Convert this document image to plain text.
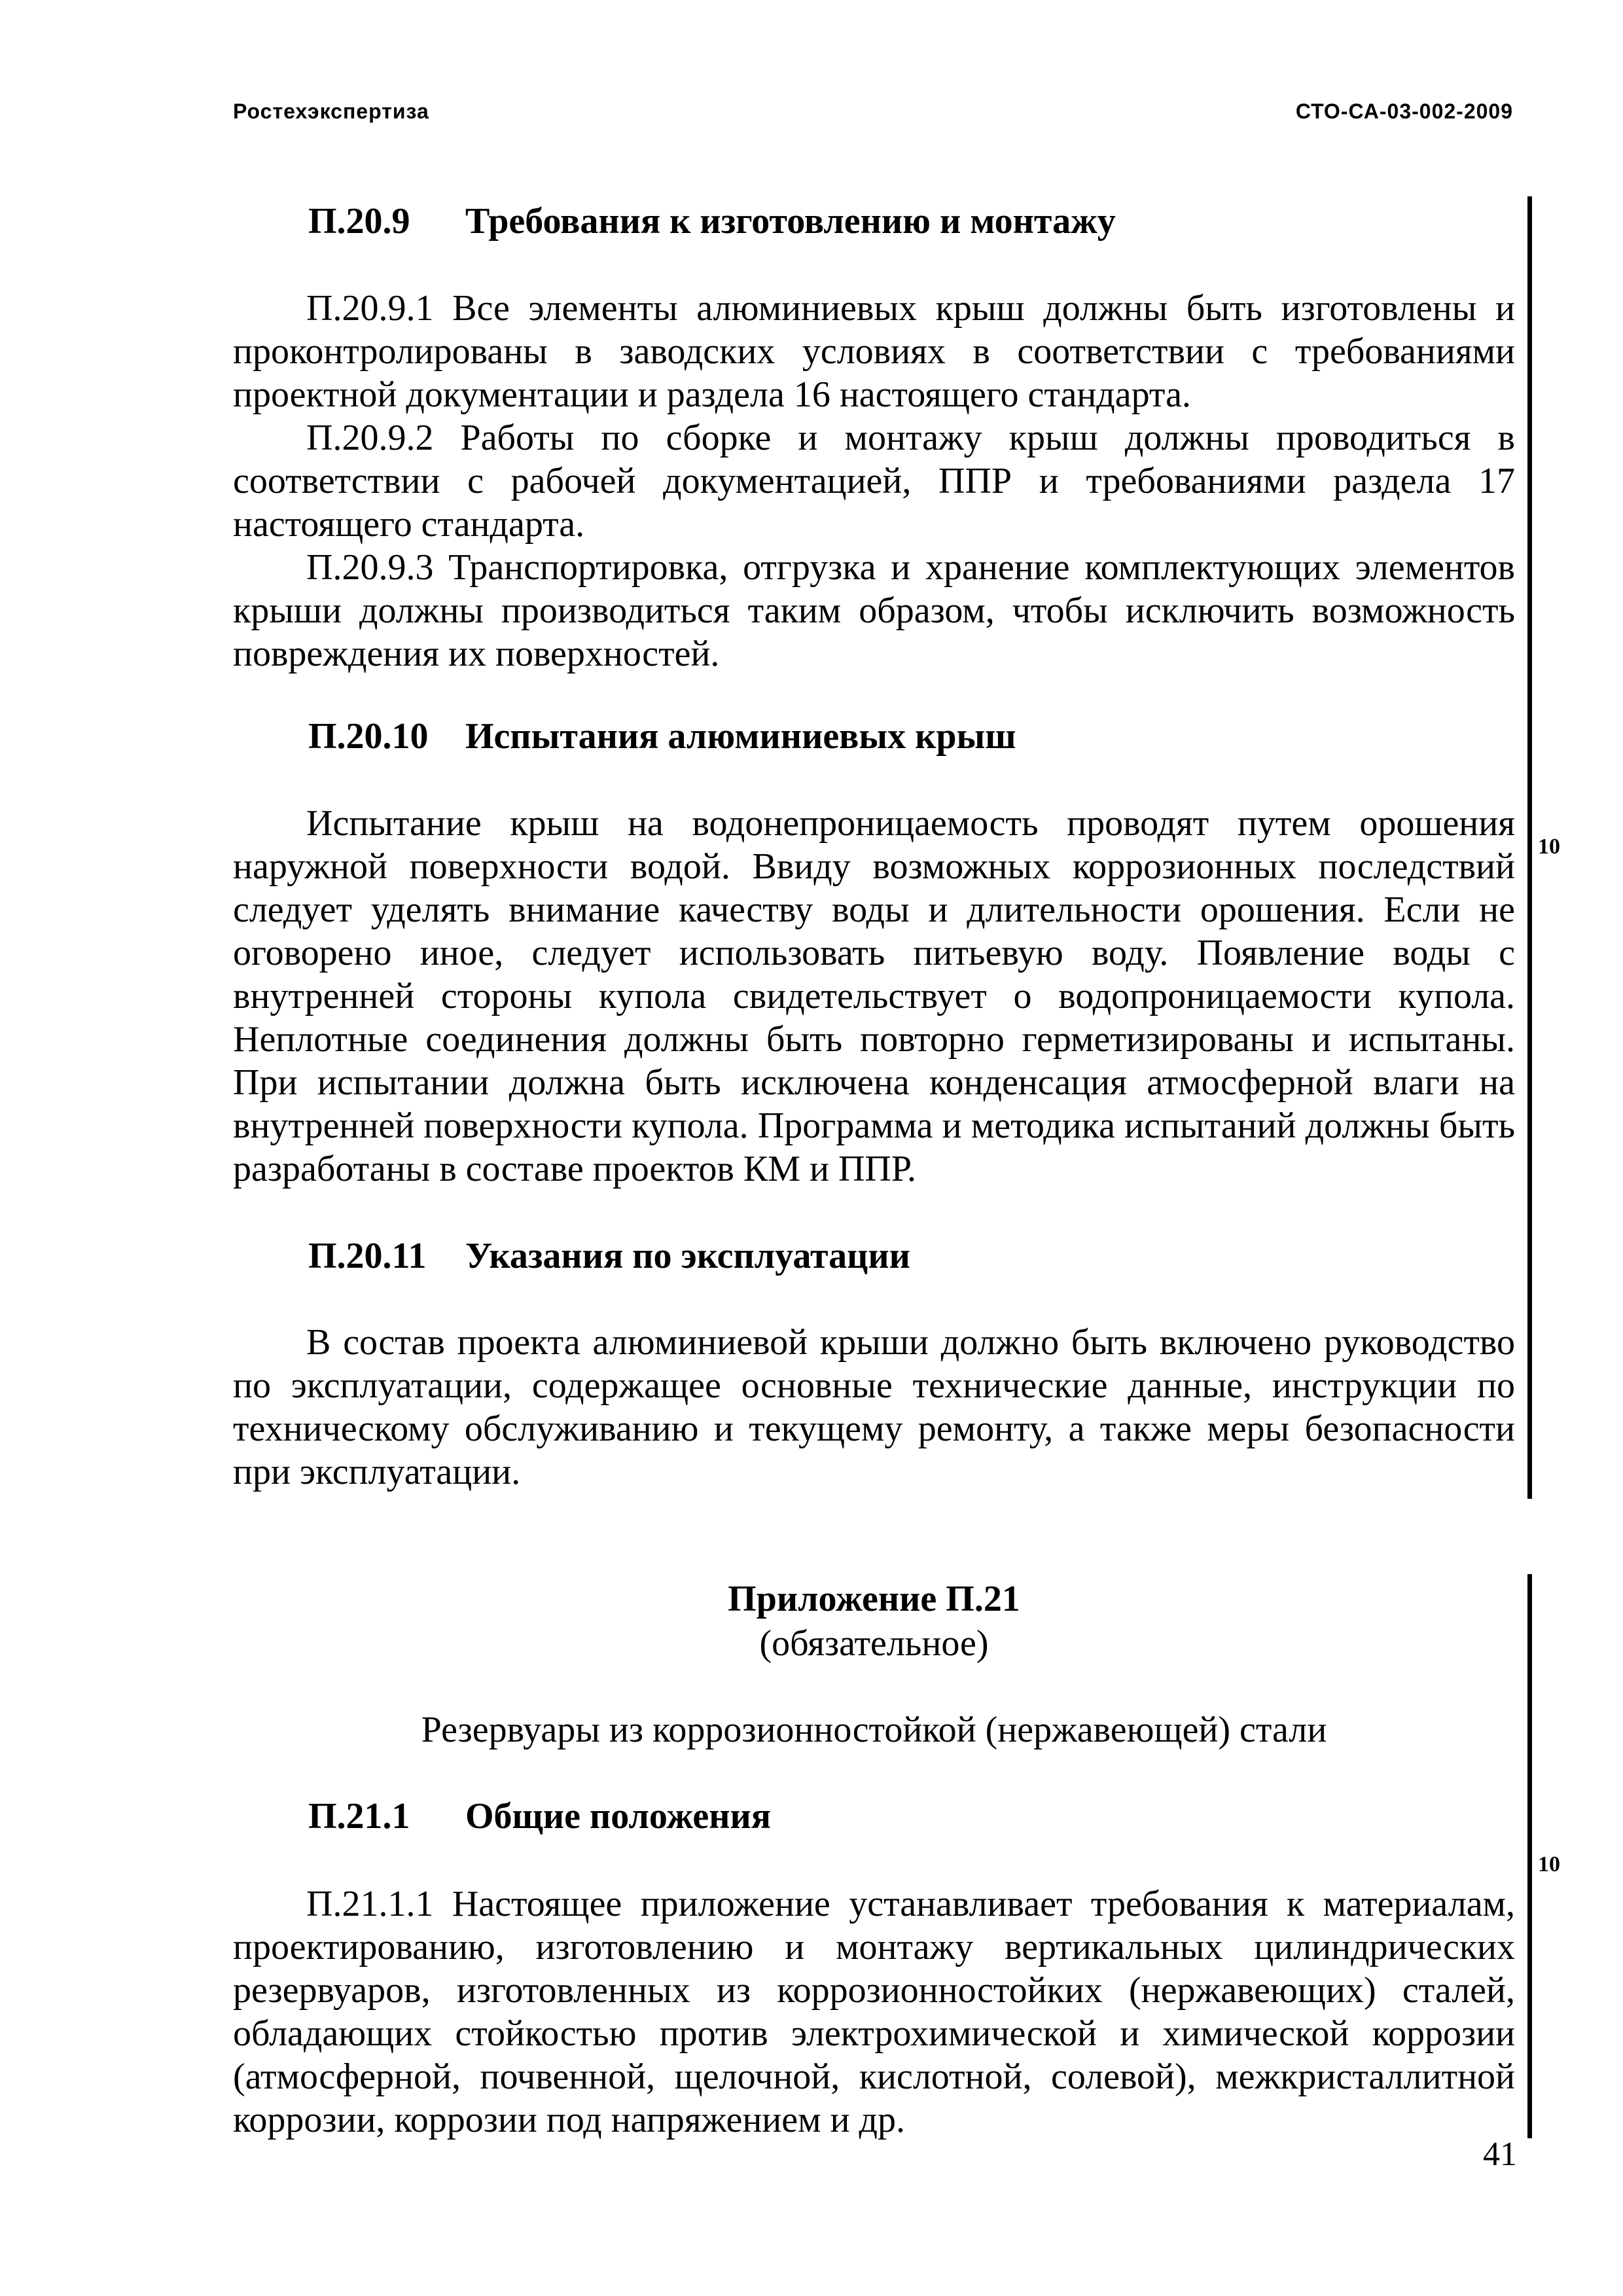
Ростехэкспертиза	СТО-СА-03-002-2009
10
10
П.20.9 Требования к изготовлению и монтажу

П.20.9.1 Все элементы алюминиевых крыш должны быть изготовлены и проконтролированы в заводских условиях в соответствии с требованиями проектной документации и раздела 16 настоящего стандарта.

П.20.9.2 Работы по сборке и монтажу крыш должны проводиться в соответствии с рабочей документацией, ППР и требованиями раздела 17 настоящего стандарта.

П.20.9.3 Транспортировка, отгрузка и хранение комплектующих элементов крыши должны производиться таким образом, чтобы исключить возможность повреждения их поверхностей.

П.20.10 Испытания алюминиевых крыш

Испытание крыш на водонепроницаемость проводят путем орошения наружной поверхности водой. Ввиду возможных коррозионных последствий следует уделять внимание качеству воды и длительности орошения. Если не оговорено иное, следует использовать питьевую воду. Появление воды с внутренней стороны купола свидетельствует о водопроницаемости купола. Неплотные соединения должны быть повторно герметизированы и испытаны. При испытании должна быть исключена конденсация атмосферной влаги на внутренней поверхности купола. Программа и методика испытаний должны быть разработаны в составе проектов КМ и ППР.

П.20.11 Указания по эксплуатации

В состав проекта алюминиевой крыши должно быть включено руководство по эксплуатации, содержащее основные технические данные, инструкции по техническому обслуживанию и текущему ремонту, а также меры безопасности при эксплуатации.

Приложение П.21
(обязательное)
Резервуары из коррозионностойкой (нержавеющей) стали
П.21.1 Общие положения

П.21.1.1 Настоящее приложение устанавливает требования к материалам, проектированию, изготовлению и монтажу вертикальных цилиндрических резервуаров, изготовленных из коррозионностойких (нержавеющих) сталей, обладающих стойкостью против электрохимической и химической коррозии (атмосферной, почвенной, щелочной, кислотной, солевой), межкристаллитной коррозии, коррозии под напряжением и др.

41
